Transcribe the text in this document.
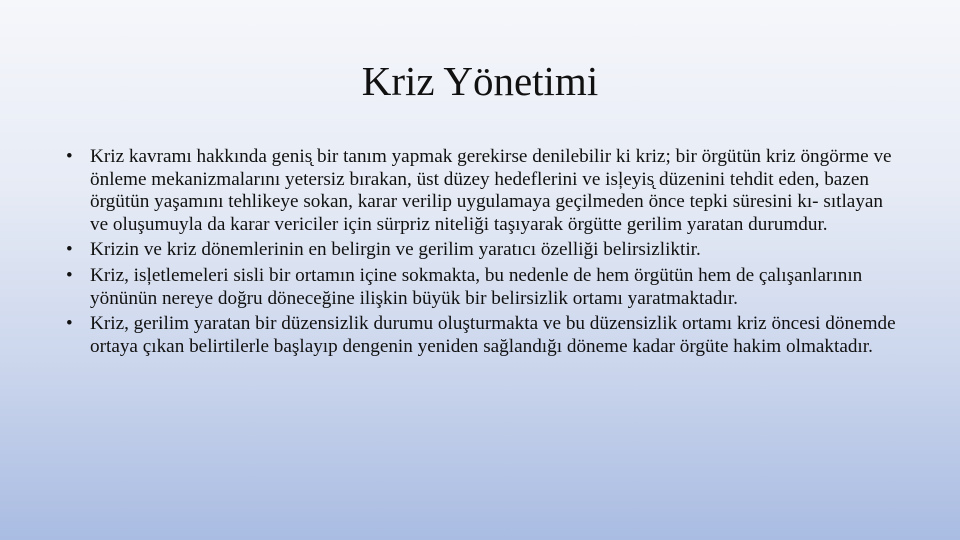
Kriz Yönetimi
• Kriz kavramı hakkında genis̨ bir tanım yapmak gerekirse denilebilir ki kriz; bir örgütün kriz öngörme ve önleme mekanizmalarını yetersiz bırakan, üst düzey hedeflerini ve isļeyis̨ düzenini tehdit eden, bazen örgütün yaşamını tehlikeye sokan, karar verilip uygulamaya geçilmeden önce tepki süresini kı- sıtlayan ve oluşumuyla da karar vericiler için sürpriz niteliği taşıyarak örgütte gerilim yaratan durumdur.
• Krizin ve kriz dönemlerinin en belirgin ve gerilim yaratıcı özelliği belirsizliktir.
• Kriz, isļetlemeleri sisli bir ortamın içine sokmakta, bu nedenle de hem örgütün hem de çalışanlarının yönünün nereye doğru döneceğine ilişkin büyük bir belirsizlik ortamı yaratmaktadır.
• Kriz, gerilim yaratan bir düzensizlik durumu oluşturmakta ve bu düzensizlik ortamı kriz öncesi dönemde ortaya çıkan belirtilerle başlayıp dengenin yeniden sağlandığı döneme kadar örgüte hakim olmaktadır.
